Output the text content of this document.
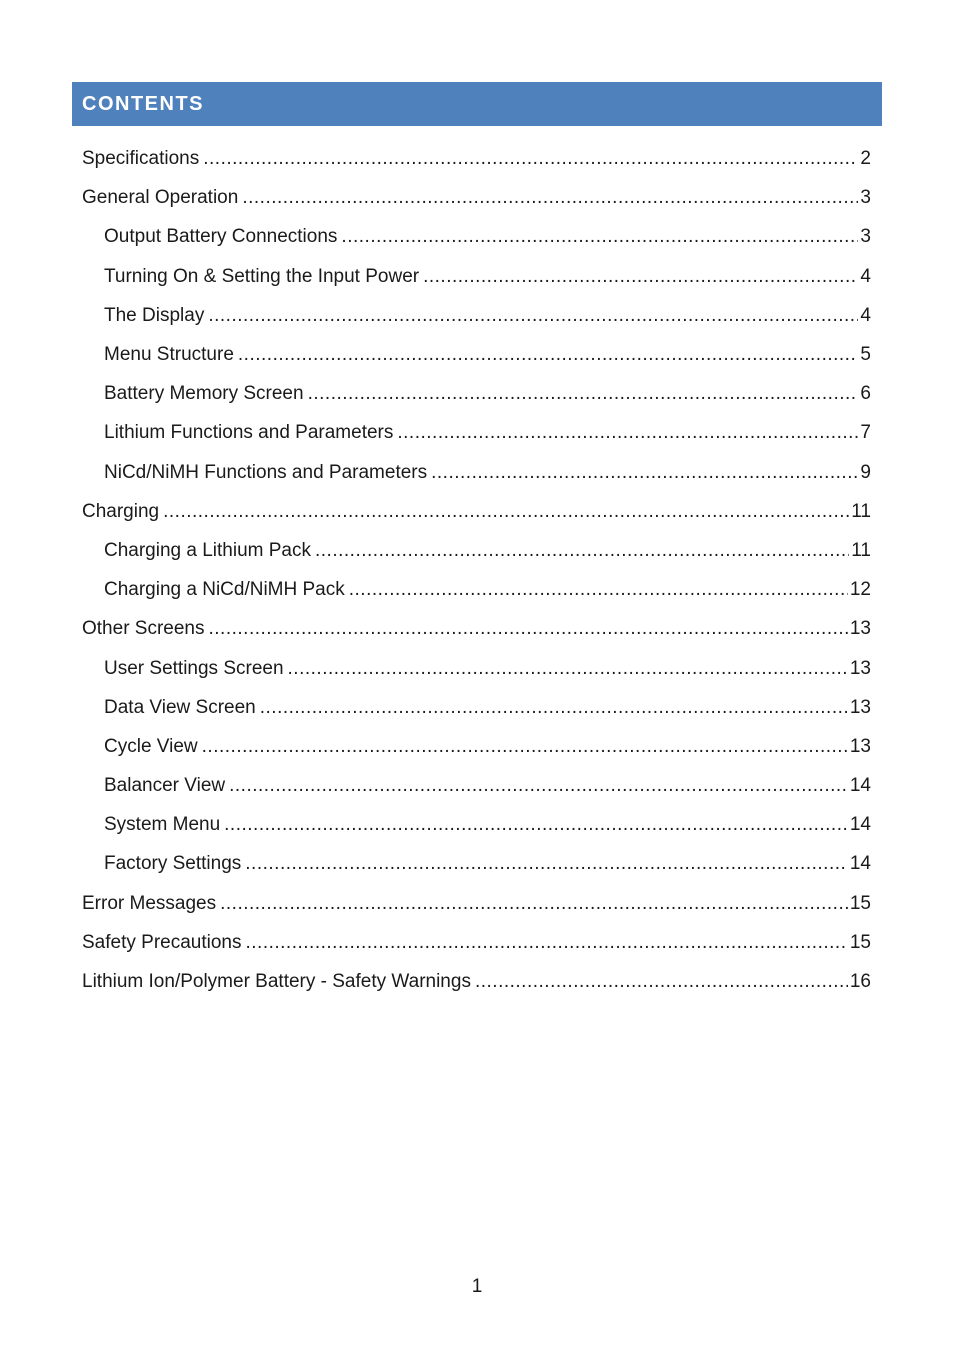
CONTENTS
Specifications .....	2
General Operation .....	3
Output Battery Connections .....	3
Turning On & Setting the Input Power .....	4
The Display .....	4
Menu Structure .....	5
Battery Memory Screen .....	6
Lithium Functions and Parameters .....	7
NiCd/NiMH Functions and Parameters .....	9
Charging .....	11
Charging a Lithium Pack .....	11
Charging a NiCd/NiMH Pack .....	12
Other Screens .....	13
User Settings Screen .....	13
Data View Screen .....	13
Cycle View .....	13
Balancer View .....	14
System Menu .....	14
Factory Settings .....	14
Error Messages .....	15
Safety Precautions .....	15
Lithium Ion/Polymer Battery - Safety Warnings .....	16
1
